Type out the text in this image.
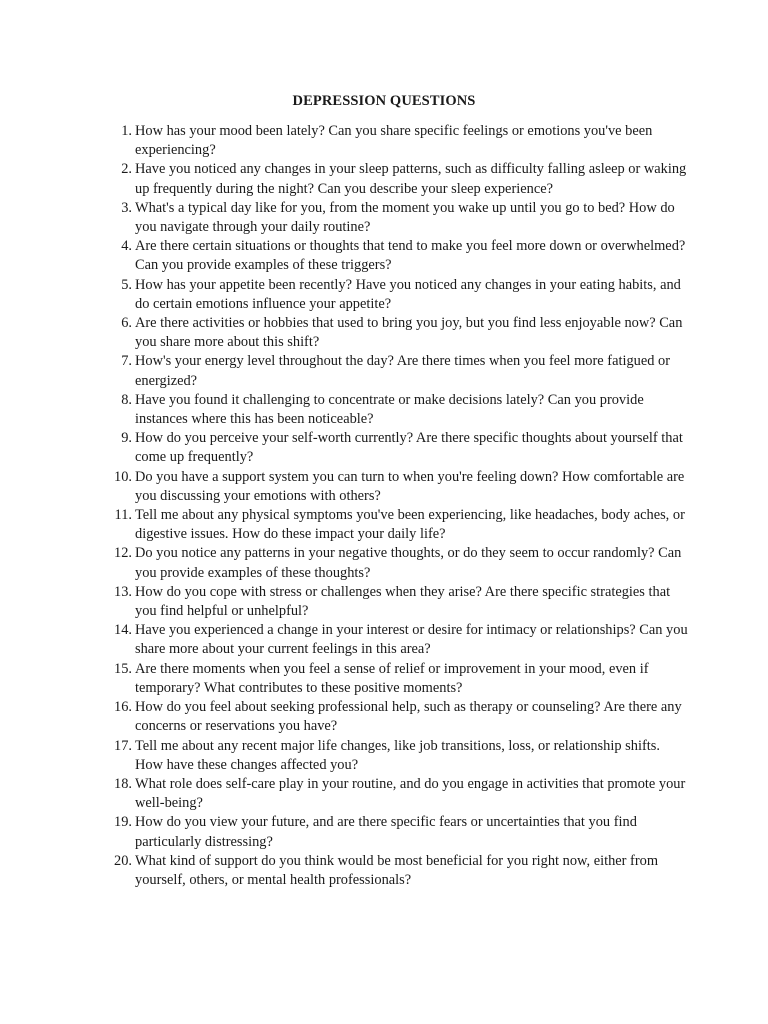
DEPRESSION QUESTIONS
1. How has your mood been lately? Can you share specific feelings or emotions you've been experiencing?
2. Have you noticed any changes in your sleep patterns, such as difficulty falling asleep or waking up frequently during the night? Can you describe your sleep experience?
3. What's a typical day like for you, from the moment you wake up until you go to bed? How do you navigate through your daily routine?
4. Are there certain situations or thoughts that tend to make you feel more down or overwhelmed? Can you provide examples of these triggers?
5. How has your appetite been recently? Have you noticed any changes in your eating habits, and do certain emotions influence your appetite?
6. Are there activities or hobbies that used to bring you joy, but you find less enjoyable now? Can you share more about this shift?
7. How's your energy level throughout the day? Are there times when you feel more fatigued or energized?
8. Have you found it challenging to concentrate or make decisions lately? Can you provide instances where this has been noticeable?
9. How do you perceive your self-worth currently? Are there specific thoughts about yourself that come up frequently?
10. Do you have a support system you can turn to when you're feeling down? How comfortable are you discussing your emotions with others?
11. Tell me about any physical symptoms you've been experiencing, like headaches, body aches, or digestive issues. How do these impact your daily life?
12. Do you notice any patterns in your negative thoughts, or do they seem to occur randomly? Can you provide examples of these thoughts?
13. How do you cope with stress or challenges when they arise? Are there specific strategies that you find helpful or unhelpful?
14. Have you experienced a change in your interest or desire for intimacy or relationships? Can you share more about your current feelings in this area?
15. Are there moments when you feel a sense of relief or improvement in your mood, even if temporary? What contributes to these positive moments?
16. How do you feel about seeking professional help, such as therapy or counseling? Are there any concerns or reservations you have?
17. Tell me about any recent major life changes, like job transitions, loss, or relationship shifts. How have these changes affected you?
18. What role does self-care play in your routine, and do you engage in activities that promote your well-being?
19. How do you view your future, and are there specific fears or uncertainties that you find particularly distressing?
20. What kind of support do you think would be most beneficial for you right now, either from yourself, others, or mental health professionals?
